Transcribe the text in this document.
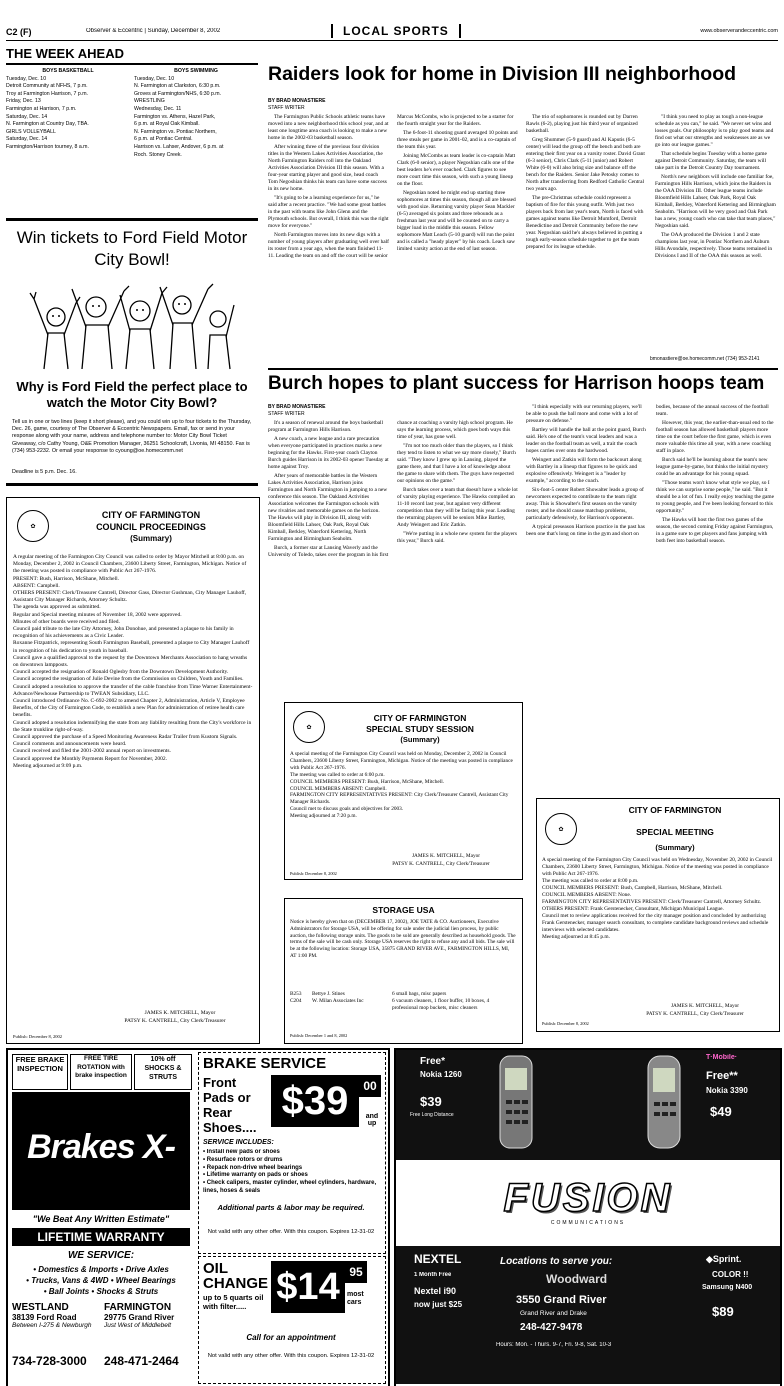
C2 (F)	Observer & Eccentric | Sunday, December 8, 2002	LOCAL SPORTS	www.observerandeccentric.com
THE WEEK AHEAD
BOYS BASKETBALL
Tuesday, Dec. 10
Detroit Community at NFHS, 7 p.m.
Troy at Farmington Harrison, 7 p.m.
Friday, Dec. 13
Farmington at Harrison, 7 p.m.
Saturday, Dec. 14
N. Farmington at Country Day, TBA.
GIRLS VOLLEYBALL
Saturday, Dec. 14
Farmington/Harrison tourney, 8 a.m.
BOYS SWIMMING
Tuesday, Dec. 10
N. Farmington at Clarkston, 6:30 p.m.
Groves at Farmington/NHS, 6:30 p.m.
WRESTLING
Wednesday, Dec. 11
Farmington vs. Athens, Hazel Park,
6 p.m. at Royal Oak Kimball.
N. Farmington vs. Pontiac Northern,
6 p.m. at Pontiac Central.
Harrison vs. Lahser, Andover, 6 p.m. at
Roch. Stoney Creek.
Win tickets to Ford Field Motor City Bowl!
Why is Ford Field the perfect place to watch the Motor City Bowl?
Tell us in one or two lines (keep it short please), and you could win up to four tickets to the Thursday, Dec. 26, game, courtesy of The Observer & Eccentric Newspapers. Email, fax or send in your response along with your name, address and telephone number to: Motor City Bowl Ticket Giveaway, c/o Cathy Young, O&E Promotion Manager, 36251 Schoolcraft, Livonia, MI 48150. Fax is (734) 953-2232. Or email your response to cyoung@oe.homecomm.net
Deadline is 5 p.m. Dec. 16.
Raiders look for home in Division III neighborhood
BY BRAD MONASTIERE
STAFF WRITER

The Farmington Public Schools athletic teams have moved into a new neighborhood this school year, and at least one longtime area coach is looking to make a new home in the 2002-03 basketball season.

After winning three of the previous four division titles in the Western Lakes Activities Association, the North Farmington Raiders roll into the Oakland Activities Association Division III this season. With a four-year starting player and good size, head coach Tom Negoshian thinks his team can have some success in its new home.

"It's going to be a learning experience for us," he said after a recent practice. "We had some great battles in the past with teams like John Glenn and the Plymouth schools. But overall, I think this was the right move for everyone."

North Farmington moves into its new digs with a number of young players after graduating well over half its roster from a year ago, when the team finished 11-11. Leading the team on and off the court will be senior Marcus McCombs, who is projected to be a starter for the fourth straight year for the Raiders.

The 6-foot-11 shooting guard averaged 10 points and three steals per game in 2001-02, and is a co-captain of the team this year.

Joining McCombs as team leader is co-captain Matt Clark (6-0 senior), a player Negoshian calls one of the best leaders he's ever coached. Clark figures to see more court time this season, with such a young lineup on the floor.

Negoshian noted he might end up starting three sophomores at times this season, though all are blessed with good size. Returning varsity player Sean Mackler (6-5) averaged six points and three rebounds as a freshman last year and will be counted on to carry a bigger load in the middle this season. Fellow sophomore Matt Leach (5-10 guard) will run the point and is called a "heady player" by his coach. Leach saw limited varsity action at the end of last season.

The trio of sophomores is rounded out by Darren Rawls (6-2), playing just his third year of organized basketball.

Greg Shummer (5-9 guard) and Al Kaputis (6-5 center) will lead the group off the bench and both are entering their first year on a varsity roster. David Grant (6-3 senior), Chris Clark (5-11 junior) and Robert White (6-0) will also bring size and balance off the bench for the Raiders. Senior Jake Petosky comes to North after transferring from Redford Catholic Central two years ago.

The pre-Christmas schedule could represent a baptism of fire for this young outfit. With just two players back from last year's team, North is faced with games against teams like Detroit Mumford, Detroit Benedictine and Detroit Community before the new year. Negoshian said he's always believed in putting a tough early-season schedule together to get the team prepared for its league schedule.

"I think you need to play as tough a non-league schedule as you can," he said. "We never set wins and losses goals. Our philosophy is to play good teams and find out what our strengths and weaknesses are as we go into our league games."

That schedule begins Tuesday with a home game against Detroit Community. Saturday, the team will take part in the Detroit Country Day tournament.

North's new neighbors will include one familiar foe, Farmington Hills Harrison, which joins the Raiders in the OAA Division III. Other league teams include Bloomfield Hills Lahser, Oak Park, Royal Oak Kimball, Berkley, Waterford Kettering and Birmingham Seaholm. "Harrison will be very good and Oak Park has a new, young coach who can take that team places," Negoshian said.

The OAA produced the Division 1 and 2 state champions last year, in Pontiac Northern and Auburn Hills Avondale, respectively. Those teams remained in Divisions I and II of the OAA this season as well.

bmonastiere@oe.homecomm.net (734) 953-2141
Burch hopes to plant success for Harrison hoops team
BY BRAD MONASTIERE
STAFF WRITER

It's a season of renewal around the boys basketball program at Farmington Hills Harrison.

A new coach, a new league and a rare precaution when everyone participated in practices marks a new beginning for the Hawks. First-year coach Clayton Burch guides Harrison in its 2002-03 opener Tuesday at home against Troy.

After years of memorable battles in the Western Lakes Activities Association, Harrison joins Farmington and North Farmington in jumping to a new conference this season. The Oakland Activities Association welcomes the Farmington schools with new rivalries and memorable games on the horizon. The Hawks will play in Division III, along with Bloomfield Hills Lahser, Oak Park, Royal Oak Kimball, Berkley, Waterford Kettering, North Farmington and Birmingham Seaholm.

Burch, a former star at Lansing Waverly and the University of Toledo, takes over the program in his first chance at coaching a varsity high school program. He says the learning process, which goes both ways this time of year, has gone well.

"I'm not too much older than the players, so I think they tend to listen to what we say more closely," Burch said. "They know I grew up in Lansing, played the game there, and that I have a lot of knowledge about the game to share with them. The guys have respected our opinions on the game."

Burch takes over a team that doesn't have a whole lot of varsity playing experience. The Hawks compiled an 11-10 record last year, but against very different competition than they will be facing this year. Leading the returning players will be seniors Mike Bartley, Andy Weingert and Eric Zatkin.

"We're putting in a whole new system for the players this year," Burch said.

"I think especially with our returning players, we'll be able to push the ball more and come with a lot of pressure on defense."

Bartley will handle the ball at the point guard, Burch said. He's one of the team's vocal leaders and was a leader on the football team as well, a trait the coach hopes carries over onto the hardwood.

Weingert and Zatkin will form the backcourt along with Bartley in a lineup that figures to be quick and explosive offensively. Weingert is a "leader by example," according to the coach.

Six-foot-5 center Robert Showalter leads a group of newcomers expected to contribute to the team right away. This is Showalter's first season on the varsity roster, and he should cause matchup problems, particularly defensively, for Harrison's opponents.

A typical preseason Harrison practice in the past has been one that's long on time in the gym and short on bodies, because of the annual success of the football team.

However, this year, the earlier-than-usual end to the football season has allowed basketball players more time on the court before the first game, which is even more valuable this time all year, with a new coaching staff in place.

Burch said he'll be learning about the team's new league game-by-game, but thinks the initial mystery could be an advantage for his young squad.

"Those teams won't know what style we play, so I think we can surprise some people," he said. "But it should be a lot of fun. I really enjoy teaching the game to young people, and I've been looking forward to this opportunity."

The Hawks will host the first two games of the season, the second coming Friday against Farmington, in a game sure to get players and fans jumping with both feet into basketball season.

✿
CITY OF FARMINGTON
COUNCIL PROCEEDINGS
(Summary)
A regular meeting of the Farmington City Council was called to order by Mayor Mitchell at 8:00 p.m. on Monday, December 2, 2002 in Council Chambers, 23600 Liberty Street, Farmington, Michigan. Notice of the meeting was posted in compliance with Public Act 267-1976.
PRESENT: Bush, Harrison, McShane, Mitchell.
ABSENT: Campbell.
OTHERS PRESENT: Clerk/Treasurer Cantrell, Director Gass, Director Gushman, City Manager Lauhoff, Assistant City Manager Richards, Attorney Schultz.
The agenda was approved as submitted.
Regular and Special meeting minutes of November 18, 2002 were approved.
Minutes of other boards were received and filed.
Council paid tribute to the late City Attorney, John Donohue, and presented a plaque to his family in recognition of his achievements as a Civic Leader.
Roxanne Fitzpatrick, representing South Farmington Baseball, presented a plaque to City Manager Lauhoff in recognition of his dedication to youth in baseball.
Council gave a qualified approval to the request by the Downtown Merchants Association to hang wreaths on downtown lampposts.
Council accepted the resignation of Ronald Oglesby from the Downtown Development Authority.
Council accepted the resignation of Julie Devine from the Commission on Children, Youth and Families.
Council adopted a resolution to approve the transfer of the cable franchise from Time Warner Entertainment-Advance/Newhouse Partnership to TWEAN Subsidiary, LLC.
Council introduced Ordinance No. C-692-2002 to amend Chapter 2, Administration, Article V, Employee Benefits, of the City of Farmington Code, to establish a new Plan for administration of retiree health care benefits.
Council adopted a resolution indemnifying the state from any liability resulting from the City's workforce in the State trunkline right-of-way.
Council approved the purchase of a Speed Monitoring Awareness Radar Trailer from Kustom Signals.
Council comments and announcements were heard.
Council received and filed the 2001-2002 annual report on investments.
Council approved the Monthly Payments Report for November, 2002.
Meeting adjourned at 9:09 p.m.
JAMES K. MITCHELL, Mayor
PATSY K. CANTRELL, City Clerk/Treasurer
Publish: December 8, 2002
✿
CITY OF FARMINGTON
SPECIAL STUDY SESSION
(Summary)
A special meeting of the Farmington City Council was held on Monday, December 2, 2002 in Council Chambers, 23600 Liberty Street, Farmington, Michigan. Notice of the meeting was posted in compliance with Public Act 267-1976.
The meeting was called to order at 6:00 p.m.
COUNCIL MEMBERS PRESENT: Bush, Harrison, McShane, Mitchell.
COUNCIL MEMBERS ABSENT: Campbell.
FARMINGTON CITY REPRESENTATIVES PRESENT: City Clerk/Treasurer Cantrell, Assistant City Manager Richards.
Council met to discuss goals and objectives for 2003.
Meeting adjourned at 7:20 p.m.
JAMES K. MITCHELL, Mayor
PATSY K. CANTRELL, City Clerk/Treasurer
Publish: December 8, 2002
STORAGE USA
Notice is hereby given that on (DECEMBER 17, 2002), JOE TATE & CO. Auctioneers, Executive Administrators for Storage USA, will be offering for sale under the judicial lien process, by public auction, the following storage units. The goods to be sold are generally described as household goods. The terms of the sale will be cash only. Storage USA reserves the right to refuse any and all bids. The sale will be at the following location: Storage USA, 35875 GRAND RIVER AVE., FARMINGTON HILLS, MI, AT 1:00 PM.
B253	Bettye J. Stines	6 small bags, misc papers
C204	W. Milan Associates Inc	6 vacuum cleaners, 1 floor buffer, 10 boxes, 4 professional mop buckets, misc cleaners
Publish: December 1 and 8, 2002
✿
CITY OF FARMINGTON
SPECIAL MEETING
(Summary)
A special meeting of the Farmington City Council was held on Wednesday, November 20, 2002 in Council Chambers, 23600 Liberty Street, Farmington, Michigan. Notice of the meeting was posted in compliance with Public Act 267-1976.
The meeting was called to order at 8:00 p.m.
COUNCIL MEMBERS PRESENT: Bush, Campbell, Harrison, McShane, Mitchell.
COUNCIL MEMBERS ABSENT: None.
FARMINGTON CITY REPRESENTATIVES PRESENT: Clerk/Treasurer Cantrell, Attorney Schultz.
OTHERS PRESENT: Frank Gerstenecker, Consultant, Michigan Municipal League.
Council met to review applications received for the city manager position and concluded by authorizing Frank Gerstenecker, manager search consultant, to complete candidate background reviews and schedule interviews with selected candidates.
Meeting adjourned at 8:45 p.m.
JAMES K. MITCHELL, Mayor
PATSY K. CANTRELL, City Clerk/Treasurer
Publish: December 8, 2002
FREE BRAKE INSPECTION
FREE TIRE ROTATION with brake inspection
10% off SHOCKS & STRUTS
Brakes X-
"We Beat Any Written Estimate"
LIFETIME WARRANTY
WE SERVICE:
• Domestics & Imports • Drive Axles
• Trucks, Vans & 4WD • Wheel Bearings
• Ball Joints • Shocks & Struts
WESTLAND
38139 Ford Road
Between I-275 & Newburgh
FARMINGTON
29775 Grand River
Just West of Middlebelt
734-728-3000 248-471-2464
BRAKE SERVICE
Front Pads or Rear Shoes....
$39	00
and up
SERVICE INCLUDES:
• Install new pads or shoes
• Resurface rotors or drums
• Repack non-drive wheel bearings
• Lifetime warranty on pads or shoes
• Check calipers, master cylinder, wheel cylinders, hardware, lines, hoses & seals
Additional parts & labor may be required.
Not valid with any other offer. With this coupon. Expires 12-31-02
OIL CHANGE
up to 5 quarts oil with filter..... $14 95
most cars
Call for an appointment
Not valid with any other offer. With this coupon. Expires 12-31-02
Free*
Nokia 1260
$39
Free Long Distance
T·Mobile·
Free**
Nokia 3390
$49
FUSION
COMMUNICATIONS
NEXTEL
1 Month Free
Nextel i90
now just $25
Locations to serve you:
Woodward
3550 Grand River
Grand River and Drake
248-427-9478
Hours: Mon. - Thurs. 9-7, Fri. 9-8, Sat. 10-3
◆Sprint.
COLOR !!
Samsung N400
$89
